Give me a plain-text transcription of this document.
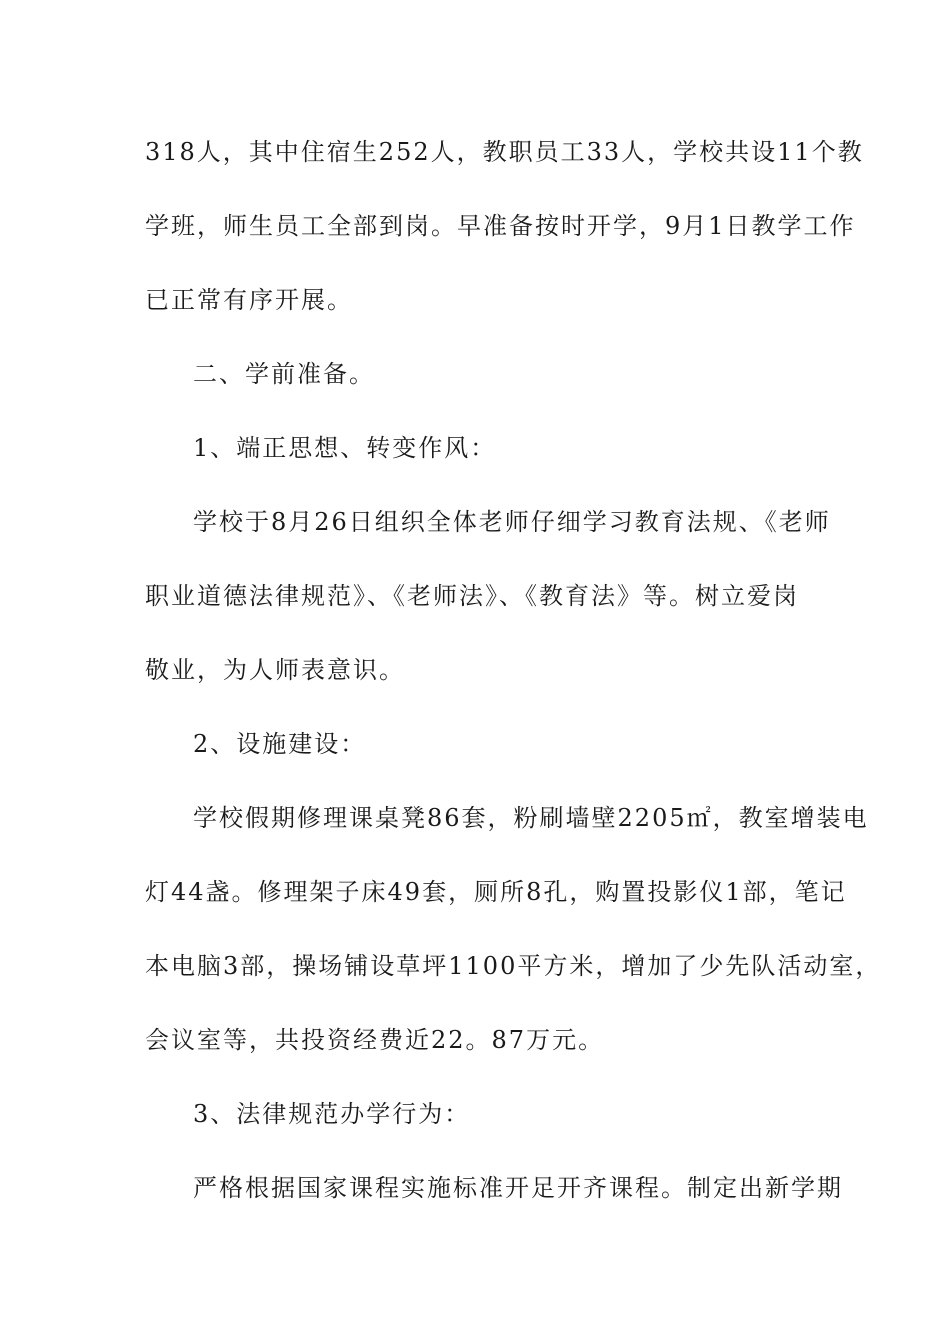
318人，其中住宿生252人，教职员工33人，学校共设11个教
学班，师生员工全部到岗。早准备按时开学，9月1日教学工作
已正常有序开展。
二、学前准备。
1、端正思想、转变作风：
学校于8月26日组织全体老师仔细学习教育法规、《老师
职业道德法律规范》、《老师法》、《教育法》等。树立爱岗
敬业，为人师表意识。
2、设施建设：
学校假期修理课桌凳86套，粉刷墙壁2205㎡，教室增装电
灯44盏。修理架子床49套，厕所8孔，购置投影仪1部，笔记
本电脑3部，操场铺设草坪1100平方米，增加了少先队活动室，
会议室等，共投资经费近22。87万元。
3、法律规范办学行为：
严格根据国家课程实施标准开足开齐课程。制定出新学期
